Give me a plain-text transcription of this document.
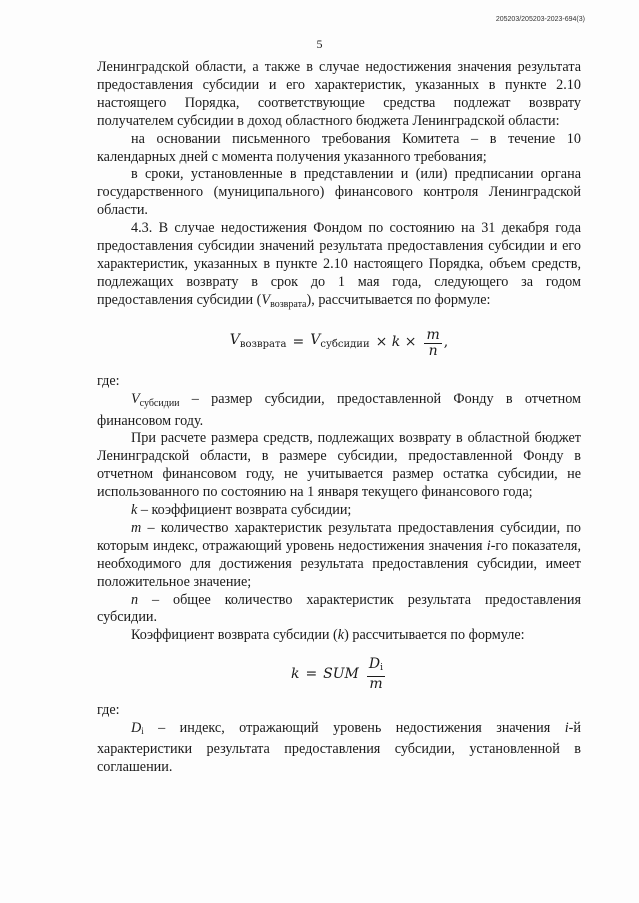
205203/205203-2023-694(3)
5

Ленинградской области, а также в случае недостижения значения результата предоставления субсидии и его характеристик, указанных в пункте 2.10 настоящего Порядка, соответствующие средства подлежат возврату получателем субсидии в доход областного бюджета Ленинградской области:

на основании письменного требования Комитета – в течение 10 календарных дней с момента получения указанного требования;

в сроки, установленные в представлении и (или) предписании органа государственного (муниципального) финансового контроля Ленинградской области.

4.3. В случае недостижения Фондом по состоянию на 31 декабря года предоставления субсидии значений результата предоставления субсидии и его характеристик, указанных в пункте 2.10 настоящего Порядка, объем средств, подлежащих возврату в срок до 1 мая года, следующего за годом предоставления субсидии $(V_{возврата})$, рассчитывается по формуле:

$V_{возврата} = V_{субсидии} \times k \times \frac{m}{n}$ ,

где:

$V_{субсидии}$ – размер субсидии, предоставленной Фонду в отчетном финансовом году.

При расчете размера средств, подлежащих возврату в областной бюджет Ленинградской области, в размере субсидии, предоставленной Фонду в отчетном финансовом году, не учитывается размер остатка субсидии, не использованного по состоянию на 1 января текущего финансового года;

k – коэффициент возврата субсидии;

m – количество характеристик результата предоставления субсидии, по которым индекс, отражающий уровень недостижения значения i-го показателя, необходимого для достижения результата предоставления субсидии, имеет положительное значение;

n – общее количество характеристик результата предоставления субсидии.

Коэффициент возврата субсидии (k) рассчитывается по формуле:

k = SUM $\frac{Di}{m}$

где:

Di – индекс, отражающий уровень недостижения значения i-й характеристики результата предоставления субсидии, установленной в соглашении.
